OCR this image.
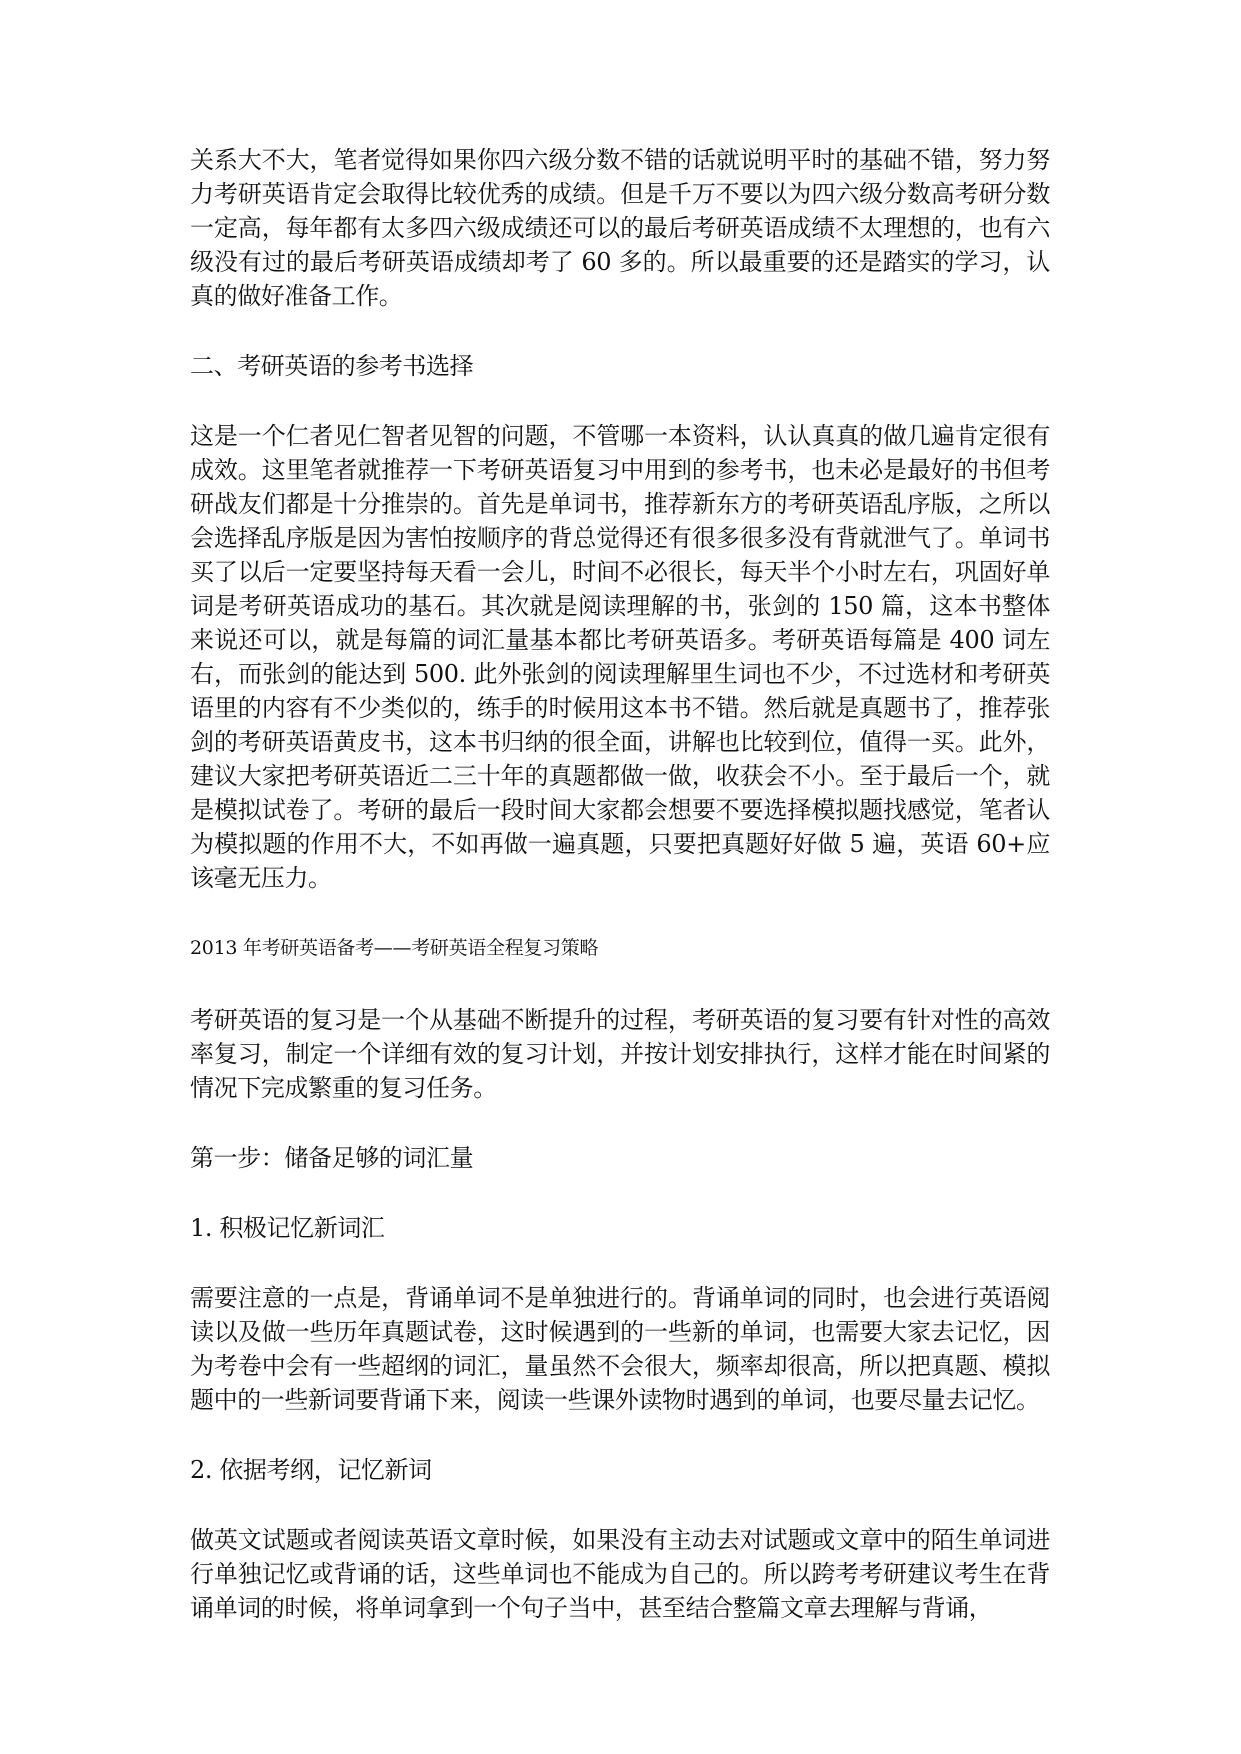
关系大不大，笔者觉得如果你四六级分数不错的话就说明平时的基础不错，努力努力考研英语肯定会取得比较优秀的成绩。但是千万不要以为四六级分数高考研分数一定高，每年都有太多四六级成绩还可以的最后考研英语成绩不太理想的，也有六级没有过的最后考研英语成绩却考了 60 多的。所以最重要的还是踏实的学习，认真的做好准备工作。

二、考研英语的参考书选择

这是一个仁者见仁智者见智的问题，不管哪一本资料，认认真真的做几遍肯定很有成效。这里笔者就推荐一下考研英语复习中用到的参考书，也未必是最好的书但考研战友们都是十分推崇的。首先是单词书，推荐新东方的考研英语乱序版，之所以会选择乱序版是因为害怕按顺序的背总觉得还有很多很多没有背就泄气了。单词书买了以后一定要坚持每天看一会儿，时间不必很长，每天半个小时左右，巩固好单词是考研英语成功的基石。其次就是阅读理解的书，张剑的 150 篇，这本书整体来说还可以，就是每篇的词汇量基本都比考研英语多。考研英语每篇是 400 词左右，而张剑的能达到 500. 此外张剑的阅读理解里生词也不少，不过选材和考研英语里的内容有不少类似的，练手的时候用这本书不错。然后就是真题书了，推荐张剑的考研英语黄皮书，这本书归纳的很全面，讲解也比较到位，值得一买。此外，建议大家把考研英语近二三十年的真题都做一做，收获会不小。至于最后一个，就是模拟试卷了。考研的最后一段时间大家都会想要不要选择模拟题找感觉，笔者认为模拟题的作用不大，不如再做一遍真题，只要把真题好好做 5 遍，英语 60+应该毫无压力。

2013 年考研英语备考——考研英语全程复习策略

考研英语的复习是一个从基础不断提升的过程，考研英语的复习要有针对性的高效率复习，制定一个详细有效的复习计划，并按计划安排执行，这样才能在时间紧的情况下完成繁重的复习任务。

第一步：储备足够的词汇量

1. 积极记忆新词汇

需要注意的一点是，背诵单词不是单独进行的。背诵单词的同时，也会进行英语阅读以及做一些历年真题试卷，这时候遇到的一些新的单词，也需要大家去记忆，因为考卷中会有一些超纲的词汇，量虽然不会很大，频率却很高，所以把真题、模拟题中的一些新词要背诵下来，阅读一些课外读物时遇到的单词，也要尽量去记忆。

2. 依据考纲，记忆新词

做英文试题或者阅读英语文章时候，如果没有主动去对试题或文章中的陌生单词进行单独记忆或背诵的话，这些单词也不能成为自己的。所以跨考考研建议考生在背诵单词的时候，将单词拿到一个句子当中，甚至结合整篇文章去理解与背诵，
